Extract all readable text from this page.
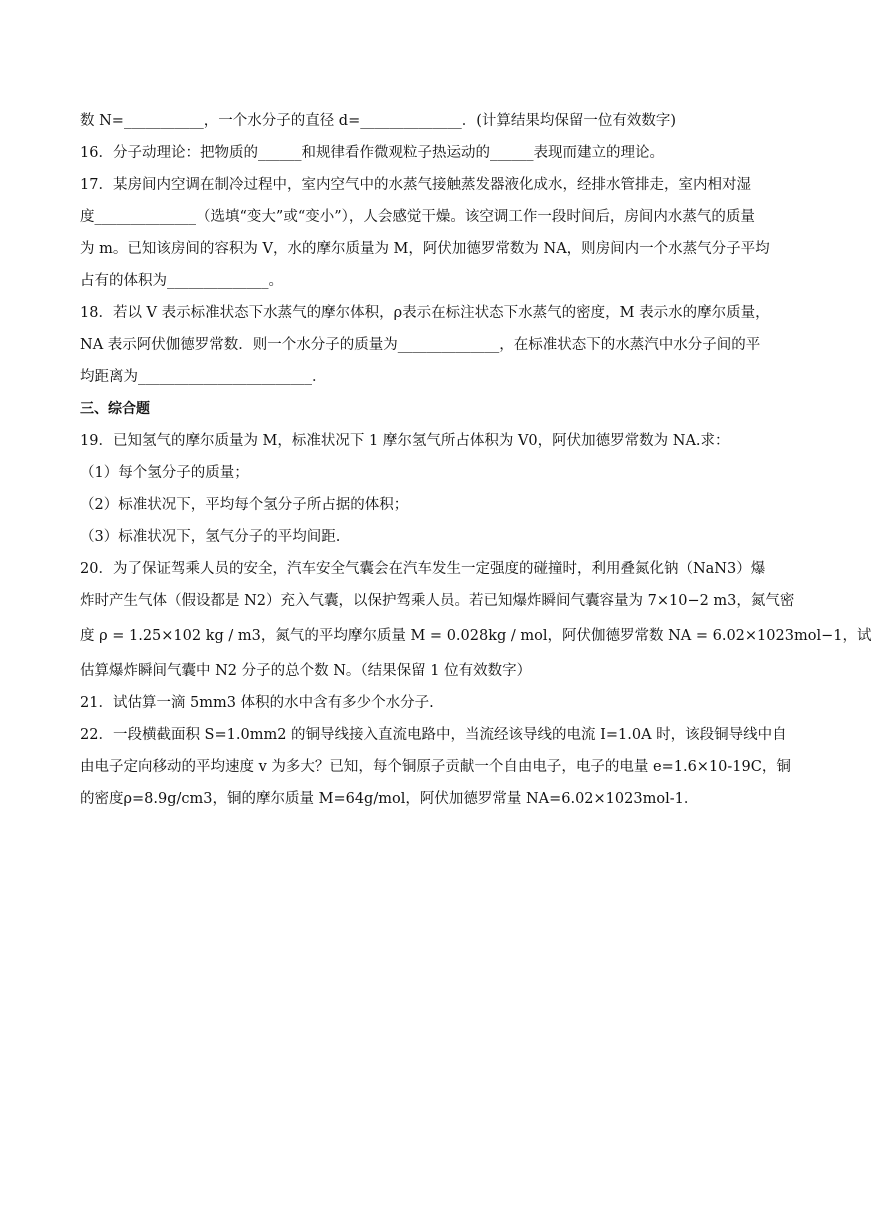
数 N=___________，一个水分子的直径 d=______________．(计算结果均保留一位有效数字)
16．分子动理论：把物质的______和规律看作微观粒子热运动的______表现而建立的理论。
17．某房间内空调在制冷过程中，室内空气中的水蒸气接触蒸发器液化成水，经排水管排走，室内相对湿
度______________（选填“变大”或“变小”），人会感觉干燥。该空调工作一段时间后，房间内水蒸气的质量
为 m。已知该房间的容积为 V，水的摩尔质量为 M，阿伏加德罗常数为 NA，则房间内一个水蒸气分子平均
占有的体积为______________。
18．若以 V 表示标准状态下水蒸气的摩尔体积，ρ表示在标注状态下水蒸气的密度，M 表示水的摩尔质量，
NA 表示阿伏伽德罗常数．则一个水分子的质量为______________，在标准状态下的水蒸汽中水分子间的平
均距离为________________________．
三、综合题
19．已知氢气的摩尔质量为 M，标准状况下 1 摩尔氢气所占体积为 V0，阿伏加德罗常数为 NA.求：
（1）每个氢分子的质量；
（2）标准状况下，平均每个氢分子所占据的体积；
（3）标准状况下，氢气分子的平均间距.
20．为了保证驾乘人员的安全，汽车安全气囊会在汽车发生一定强度的碰撞时，利用叠氮化钠（NaN3）爆
炸时产生气体（假设都是 N2）充入气囊，以保护驾乘人员。若已知爆炸瞬间气囊容量为 7×10−2 m3，氮气密
度 ρ = 1.25×102 kg / m3，氮气的平均摩尔质量 M = 0.028kg / mol，阿伏伽德罗常数 NA = 6.02×1023mol−1，试
估算爆炸瞬间气囊中 N2 分子的总个数 N。（结果保留 1 位有效数字）
21．试估算一滴 5mm3 体积的水中含有多少个水分子.
22．一段横截面积 S=1.0mm2 的铜导线接入直流电路中，当流经该导线的电流 I=1.0A 时，该段铜导线中自
由电子定向移动的平均速度 v 为多大？已知，每个铜原子贡献一个自由电子，电子的电量 e=1.6×10-19C，铜
的密度ρ=8.9g/cm3，铜的摩尔质量 M=64g/mol，阿伏加德罗常量 NA=6.02×1023mol-1．
